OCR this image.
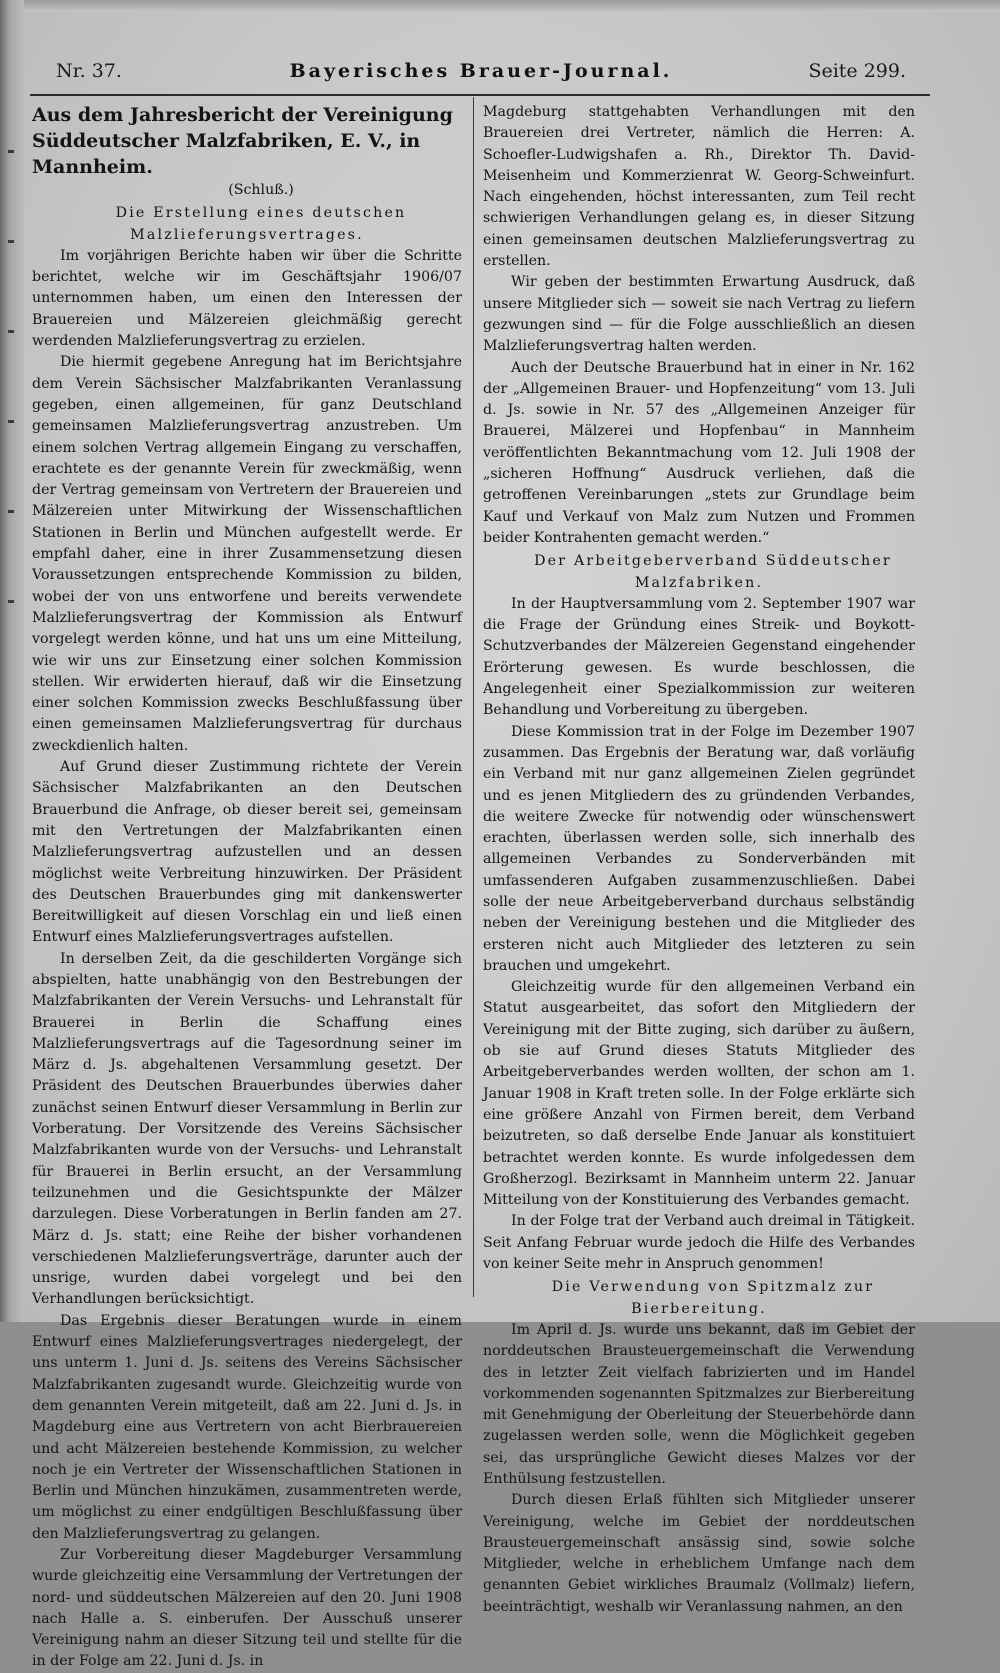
Nr. 37.	Bayerisches Brauer-Journal.	Seite 299.
Aus dem Jahresbericht der Vereinigung Süddeutscher Malzfabriken, E. V., in Mannheim.

(Schluß.)

Die Erstellung eines deutschen Malzlieferungsvertrages.

Im vorjährigen Berichte haben wir über die Schritte berichtet, welche wir im Geschäftsjahr 1906/07 unternommen haben, um einen den Interessen der Brauereien und Mälzereien gleichmäßig gerecht werdenden Malzlieferungsvertrag zu erzielen.

Die hiermit gegebene Anregung hat im Berichtsjahre dem Verein Sächsischer Malzfabrikanten Veranlassung gegeben, einen allgemeinen, für ganz Deutschland gemeinsamen Malzlieferungsvertrag anzustreben. Um einem solchen Vertrag allgemein Eingang zu verschaffen, erachtete es der genannte Verein für zweckmäßig, wenn der Vertrag gemeinsam von Vertretern der Brauereien und Mälzereien unter Mitwirkung der Wissenschaftlichen Stationen in Berlin und München aufgestellt werde. Er empfahl daher, eine in ihrer Zusammensetzung diesen Voraussetzungen entsprechende Kommission zu bilden, wobei der von uns entworfene und bereits verwendete Malzlieferungsvertrag der Kommission als Entwurf vorgelegt werden könne, und hat uns um eine Mitteilung, wie wir uns zur Einsetzung einer solchen Kommission stellen. Wir erwiderten hierauf, daß wir die Einsetzung einer solchen Kommission zwecks Beschlußfassung über einen gemeinsamen Malzlieferungsvertrag für durchaus zweckdienlich halten.

Auf Grund dieser Zustimmung richtete der Verein Sächsischer Malzfabrikanten an den Deutschen Brauerbund die Anfrage, ob dieser bereit sei, gemeinsam mit den Vertretungen der Malzfabrikanten einen Malzlieferungsvertrag aufzustellen und an dessen möglichst weite Verbreitung hinzuwirken. Der Präsident des Deutschen Brauerbundes ging mit dankenswerter Bereitwilligkeit auf diesen Vorschlag ein und ließ einen Entwurf eines Malzlieferungsvertrages aufstellen.

In derselben Zeit, da die geschilderten Vorgänge sich abspielten, hatte unabhängig von den Bestrebungen der Malzfabrikanten der Verein Versuchs- und Lehranstalt für Brauerei in Berlin die Schaffung eines Malzlieferungsvertrags auf die Tagesordnung seiner im März d. Js. abgehaltenen Versammlung gesetzt. Der Präsident des Deutschen Brauerbundes überwies daher zunächst seinen Entwurf dieser Versammlung in Berlin zur Vorberatung. Der Vorsitzende des Vereins Sächsischer Malzfabrikanten wurde von der Versuchs- und Lehranstalt für Brauerei in Berlin ersucht, an der Versammlung teilzunehmen und die Gesichtspunkte der Mälzer darzulegen. Diese Vorberatungen in Berlin fanden am 27. März d. Js. statt; eine Reihe der bisher vorhandenen verschiedenen Malzlieferungsverträge, darunter auch der unsrige, wurden dabei vorgelegt und bei den Verhandlungen berücksichtigt.

Das Ergebnis dieser Beratungen wurde in einem Entwurf eines Malzlieferungsvertrages niedergelegt, der uns unterm 1. Juni d. Js. seitens des Vereins Sächsischer Malzfabrikanten zugesandt wurde. Gleichzeitig wurde von dem genannten Verein mitgeteilt, daß am 22. Juni d. Js. in Magdeburg eine aus Vertretern von acht Bierbrauereien und acht Mälzereien bestehende Kommission, zu welcher noch je ein Vertreter der Wissenschaftlichen Stationen in Berlin und München hinzukämen, zusammentreten werde, um möglichst zu einer endgültigen Beschlußfassung über den Malzlieferungsvertrag zu gelangen.

Zur Vorbereitung dieser Magdeburger Versammlung wurde gleichzeitig eine Versammlung der Vertretungen der nord- und süddeutschen Mälzereien auf den 20. Juni 1908 nach Halle a. S. einberufen. Der Ausschuß unserer Vereinigung nahm an dieser Sitzung teil und stellte für die in der Folge am 22. Juni d. Js. in

Magdeburg stattgehabten Verhandlungen mit den Brauereien drei Vertreter, nämlich die Herren: A. Schoefler-Ludwigshafen a. Rh., Direktor Th. David-Meisenheim und Kommerzienrat W. Georg-Schweinfurt. Nach eingehenden, höchst interessanten, zum Teil recht schwierigen Verhandlungen gelang es, in dieser Sitzung einen gemeinsamen deutschen Malzlieferungsvertrag zu erstellen.

Wir geben der bestimmten Erwartung Ausdruck, daß unsere Mitglieder sich — soweit sie nach Vertrag zu liefern gezwungen sind — für die Folge ausschließlich an diesen Malzlieferungsvertrag halten werden.

Auch der Deutsche Brauerbund hat in einer in Nr. 162 der „Allgemeinen Brauer- und Hopfenzeitung“ vom 13. Juli d. Js. sowie in Nr. 57 des „Allgemeinen Anzeiger für Brauerei, Mälzerei und Hopfenbau“ in Mannheim veröffentlichten Bekanntmachung vom 12. Juli 1908 der „sicheren Hoffnung“ Ausdruck verliehen, daß die getroffenen Vereinbarungen „stets zur Grundlage beim Kauf und Verkauf von Malz zum Nutzen und Frommen beider Kontrahenten gemacht werden.“

Der Arbeitgeberverband Süddeutscher Malzfabriken.

In der Hauptversammlung vom 2. September 1907 war die Frage der Gründung eines Streik- und Boykott-Schutzverbandes der Mälzereien Gegenstand eingehender Erörterung gewesen. Es wurde beschlossen, die Angelegenheit einer Spezialkommission zur weiteren Behandlung und Vorbereitung zu übergeben.

Diese Kommission trat in der Folge im Dezember 1907 zusammen. Das Ergebnis der Beratung war, daß vorläufig ein Verband mit nur ganz allgemeinen Zielen gegründet und es jenen Mitgliedern des zu gründenden Verbandes, die weitere Zwecke für notwendig oder wünschenswert erachten, überlassen werden solle, sich innerhalb des allgemeinen Verbandes zu Sonderverbänden mit umfassenderen Aufgaben zusammenzuschließen. Dabei solle der neue Arbeitgeberverband durchaus selbständig neben der Vereinigung bestehen und die Mitglieder des ersteren nicht auch Mitglieder des letzteren zu sein brauchen und umgekehrt.

Gleichzeitig wurde für den allgemeinen Verband ein Statut ausgearbeitet, das sofort den Mitgliedern der Vereinigung mit der Bitte zuging, sich darüber zu äußern, ob sie auf Grund dieses Statuts Mitglieder des Arbeitgeberverbandes werden wollten, der schon am 1. Januar 1908 in Kraft treten solle. In der Folge erklärte sich eine größere Anzahl von Firmen bereit, dem Verband beizutreten, so daß derselbe Ende Januar als konstituiert betrachtet werden konnte. Es wurde infolgedessen dem Großherzogl. Bezirksamt in Mannheim unterm 22. Januar Mitteilung von der Konstituierung des Verbandes gemacht.

In der Folge trat der Verband auch dreimal in Tätigkeit. Seit Anfang Februar wurde jedoch die Hilfe des Verbandes von keiner Seite mehr in Anspruch genommen!

Die Verwendung von Spitzmalz zur Bierbereitung.

Im April d. Js. wurde uns bekannt, daß im Gebiet der norddeutschen Brausteuergemeinschaft die Verwendung des in letzter Zeit vielfach fabrizierten und im Handel vorkommenden sogenannten Spitzmalzes zur Bierbereitung mit Genehmigung der Oberleitung der Steuerbehörde dann zugelassen werden solle, wenn die Möglichkeit gegeben sei, das ursprüngliche Gewicht dieses Malzes vor der Enthülsung festzustellen.

Durch diesen Erlaß fühlten sich Mitglieder unserer Vereinigung, welche im Gebiet der norddeutschen Brausteuergemeinschaft ansässig sind, sowie solche Mitglieder, welche in erheblichem Umfange nach dem genannten Gebiet wirkliches Braumalz (Vollmalz) liefern, beeinträchtigt, weshalb wir Veranlassung nahmen, an den
